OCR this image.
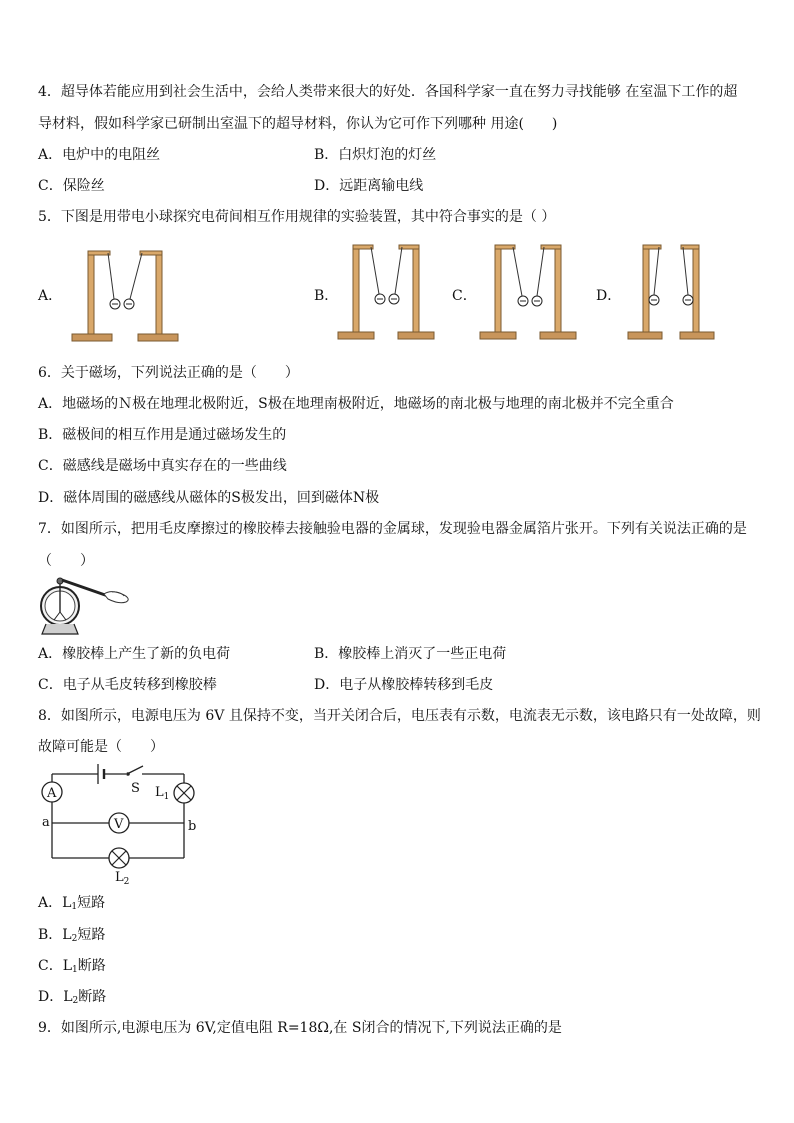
4．超导体若能应用到社会生活中，会给人类带来很大的好处．各国科学家一直在努力寻找能够 在室温下工作的超
导材料，假如科学家已研制出室温下的超导材料，你认为它可作下列哪种 用途(　　)
A．电炉中的电阻丝	B．白炽灯泡的灯丝
C．保险丝	D．远距离输电线
5．下图是用带电小球探究电荷间相互作用规律的实验装置，其中符合事实的是（ ）
A．	B．	C．	D．
6．关于磁场，下列说法正确的是（　　）
A．地磁场的Ｎ极在地理北极附近，S极在地理南极附近，地磁场的南北极与地理的南北极并不完全重合
B．磁极间的相互作用是通过磁场发生的
C．磁感线是磁场中真实存在的一些曲线
D．磁体周围的磁感线从磁体的S极发出，回到磁体N极
7．如图所示，把用毛皮摩擦过的橡胶棒去接触验电器的金属球，发现验电器金属箔片张开。下列有关说法正确的是
（　　）
A．橡胶棒上产生了新的负电荷	B．橡胶棒上消灭了一些正电荷
C．电子从毛皮转移到橡胶棒	D．电子从橡胶棒转移到毛皮
8．如图所示，电源电压为 6V 且保持不变，当开关闭合后，电压表有示数，电流表无示数，该电路只有一处故障，则
故障可能是（　　）
S
A	$L_1$
V
a	b
$L_2$
A．$L_1$短路
B．$L_2$短路
C．$L_1$断路
D．$L_2$断路
9．如图所示,电源电压为 6V,定值电阻 R=18Ω,在 S闭合的情况下,下列说法正确的是
